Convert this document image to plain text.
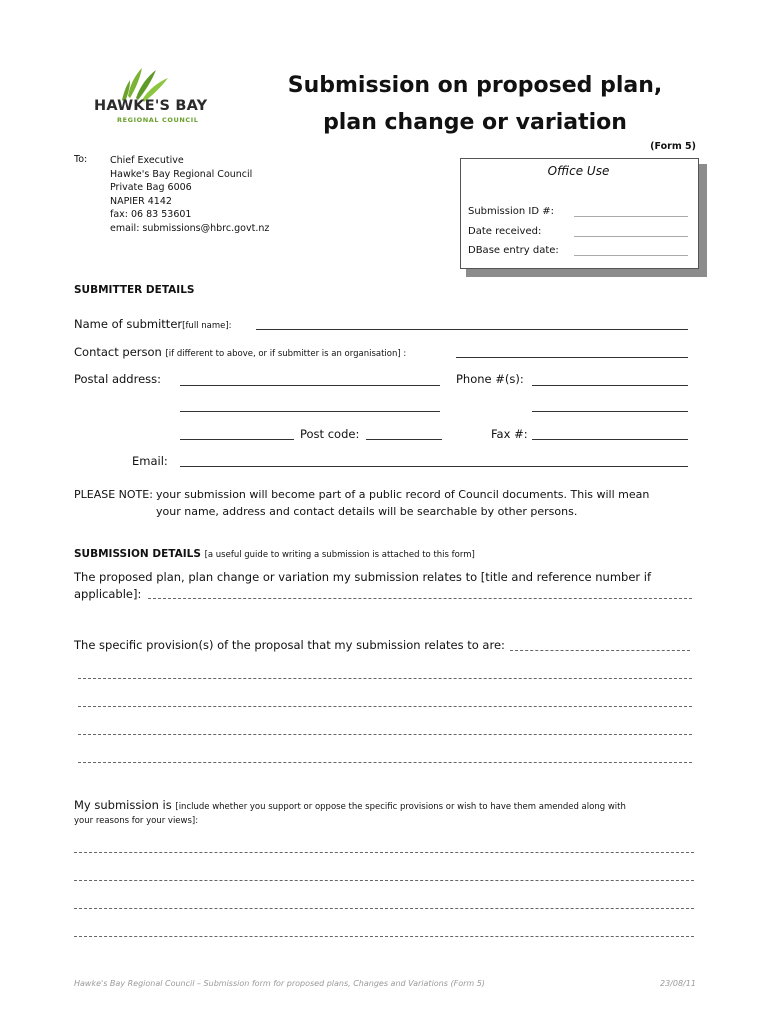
HAWKE'S BAY
REGIONAL COUNCIL
Submission on proposed plan,
plan change or variation
(Form 5)
To: Chief Executive
Hawke's Bay Regional Council
Private Bag 6006
NAPIER 4142
fax: 06 83 53601
email: submissions@hbrc.govt.nz
Office Use
Submission ID #:
Date received:
DBase entry date:
SUBMITTER DETAILS
Name of submitter[full name]:
Contact person [if different to above, or if submitter is an organisation] :
Postal address:	Phone #(s):
Post code:	Fax #:
Email:
PLEASE NOTE: your submission will become part of a public record of Council documents. This will mean
your name, address and contact details will be searchable by other persons.
SUBMISSION DETAILS [a useful guide to writing a submission is attached to this form]
The proposed plan, plan change or variation my submission relates to [title and reference number if
applicable]:
The specific provision(s) of the proposal that my submission relates to are:
My submission is [include whether you support or oppose the specific provisions or wish to have them amended along with
your reasons for your views]:
Hawke's Bay Regional Council – Submission form for proposed plans, Changes and Variations (Form 5)	23/08/11
